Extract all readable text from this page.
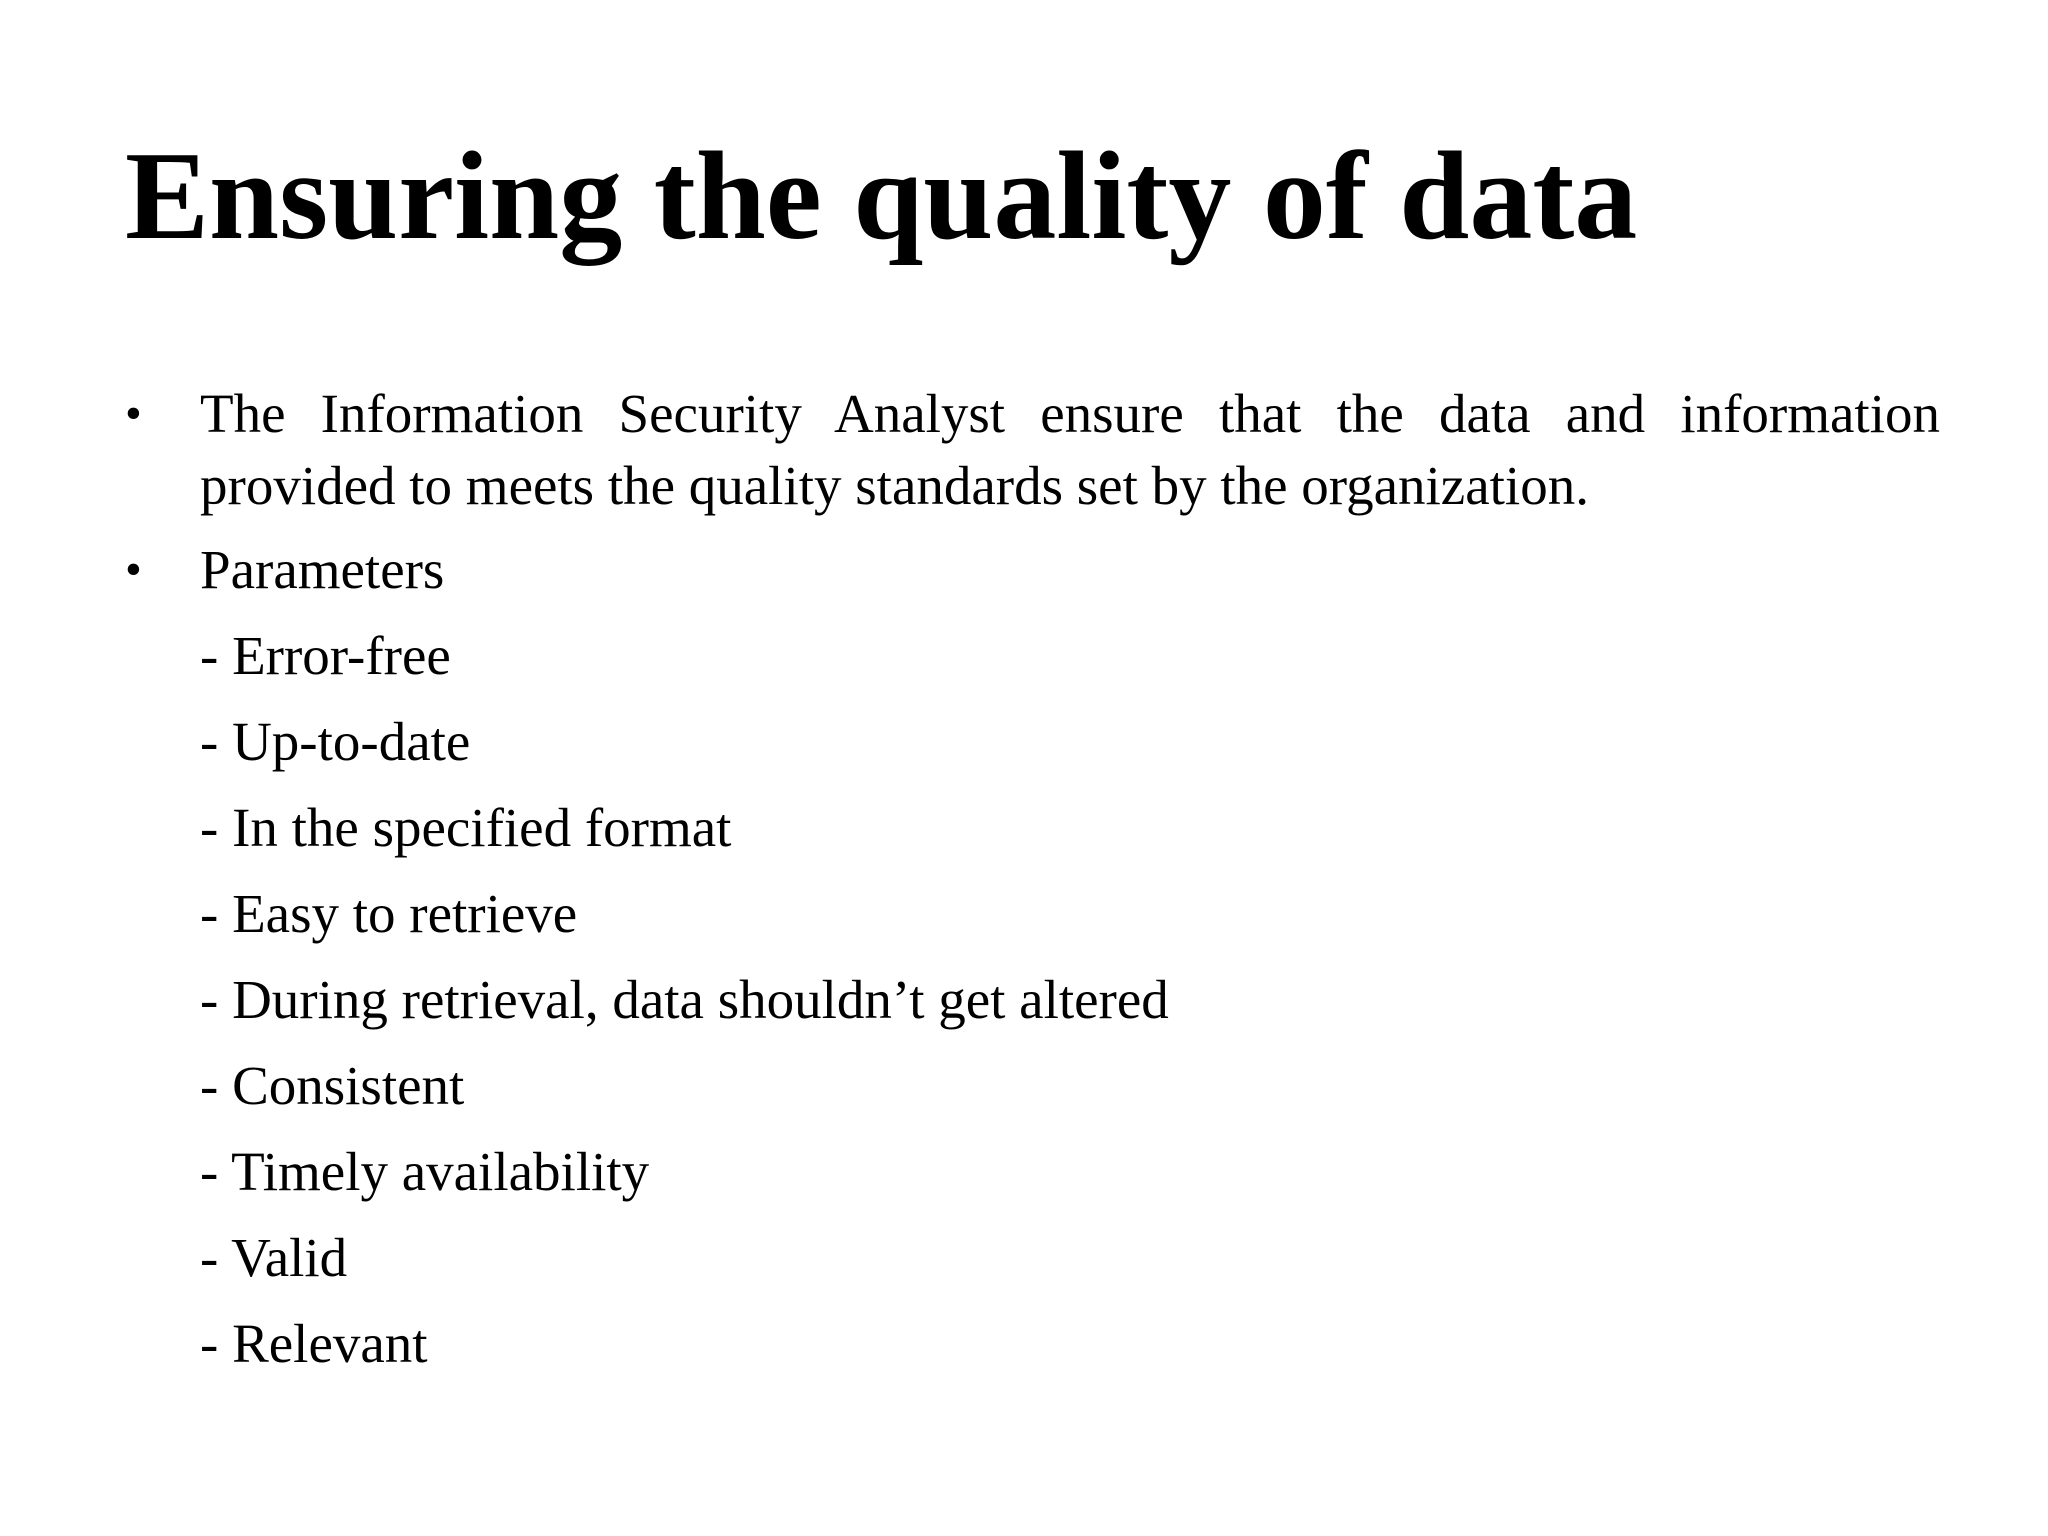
Ensuring the quality of data
•	The Information Security Analyst ensure that the data and information provided to meets the quality standards set by the organization.
•	Parameters
- Error-free
- Up-to-date
- In the specified format
- Easy to retrieve
- During retrieval, data shouldn’t get altered
- Consistent
- Timely availability
- Valid
- Relevant
